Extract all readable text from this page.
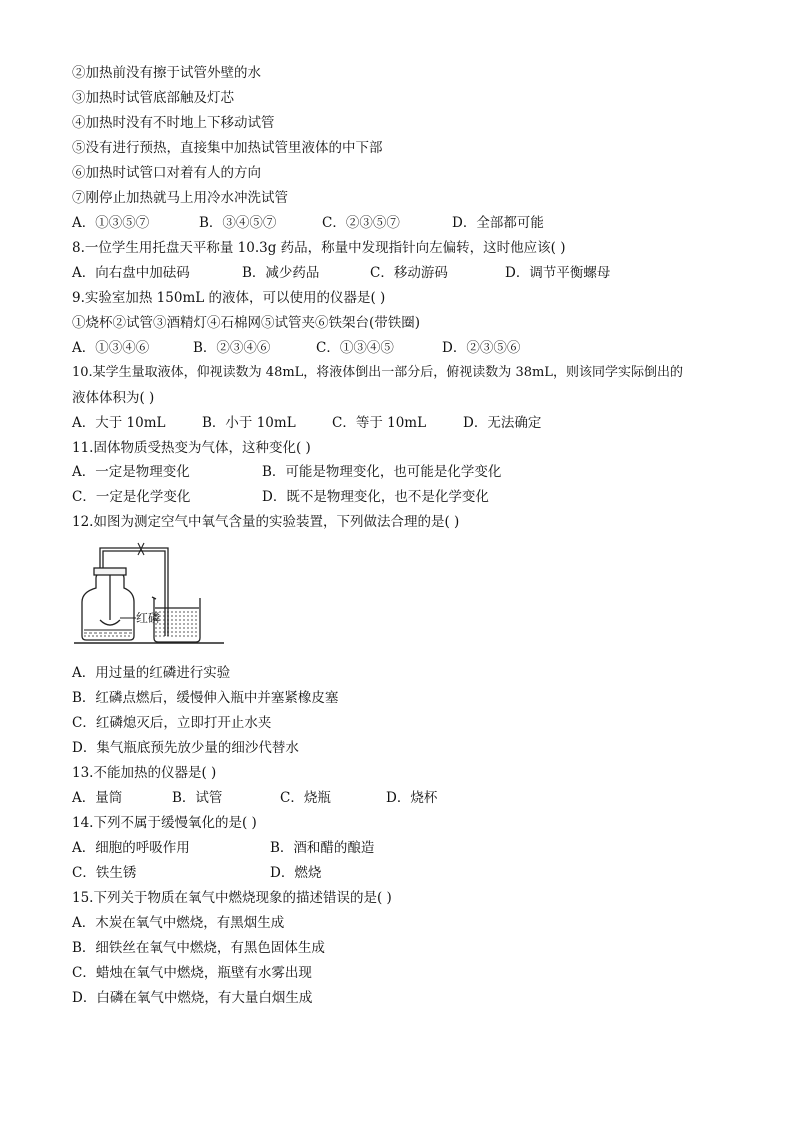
②加热前没有擦于试管外壁的水
③加热时试管底部触及灯芯
④加热时没有不时地上下移动试管
⑤没有进行预热，直接集中加热试管里液体的中下部
⑥加热时试管口对着有人的方向
⑦刚停止加热就马上用冷水冲洗试管
A．①③⑤⑦	B．③④⑤⑦	C．②③⑤⑦	D．全部都可能
8.一位学生用托盘天平称量 10.3g 药品，称量中发现指针向左偏转，这时他应该( )
A．向右盘中加砝码	B．减少药品	C．移动游码	D．调节平衡螺母
9.实验室加热 150mL 的液体，可以使用的仪器是( )
①烧杯②试管③酒精灯④石棉网⑤试管夹⑥铁架台(带铁圈)
A．①③④⑥	B．②③④⑥	C．①③④⑤	D．②③⑤⑥
10.某学生量取液体，仰视读数为 48mL，将液体倒出一部分后，俯视读数为 38mL，则该同学实际倒出的
液体体积为( )
A．大于 10mL	B．小于 10mL	C．等于 10mL	D．无法确定
11.固体物质受热变为气体，这种变化( )
A．一定是物理变化	B．可能是物理变化，也可能是化学变化
C．一定是化学变化	D．既不是物理变化，也不是化学变化
12.如图为测定空气中氧气含量的实验装置，下列做法合理的是( )
红磷
A．用过量的红磷进行实验
B．红磷点燃后，缓慢伸入瓶中并塞紧橡皮塞
C．红磷熄灭后，立即打开止水夹
D．集气瓶底预先放少量的细沙代替水
13.不能加热的仪器是( )
A．量筒	B．试管	C．烧瓶	D．烧杯
14.下列不属于缓慢氧化的是( )
A．细胞的呼吸作用	B．酒和醋的酿造
C．铁生锈	D．燃烧
15.下列关于物质在氧气中燃烧现象的描述错误的是( )
A．木炭在氧气中燃烧，有黑烟生成
B．细铁丝在氧气中燃烧，有黑色固体生成
C．蜡烛在氧气中燃烧，瓶壁有水雾出现
D．白磷在氧气中燃烧，有大量白烟生成
